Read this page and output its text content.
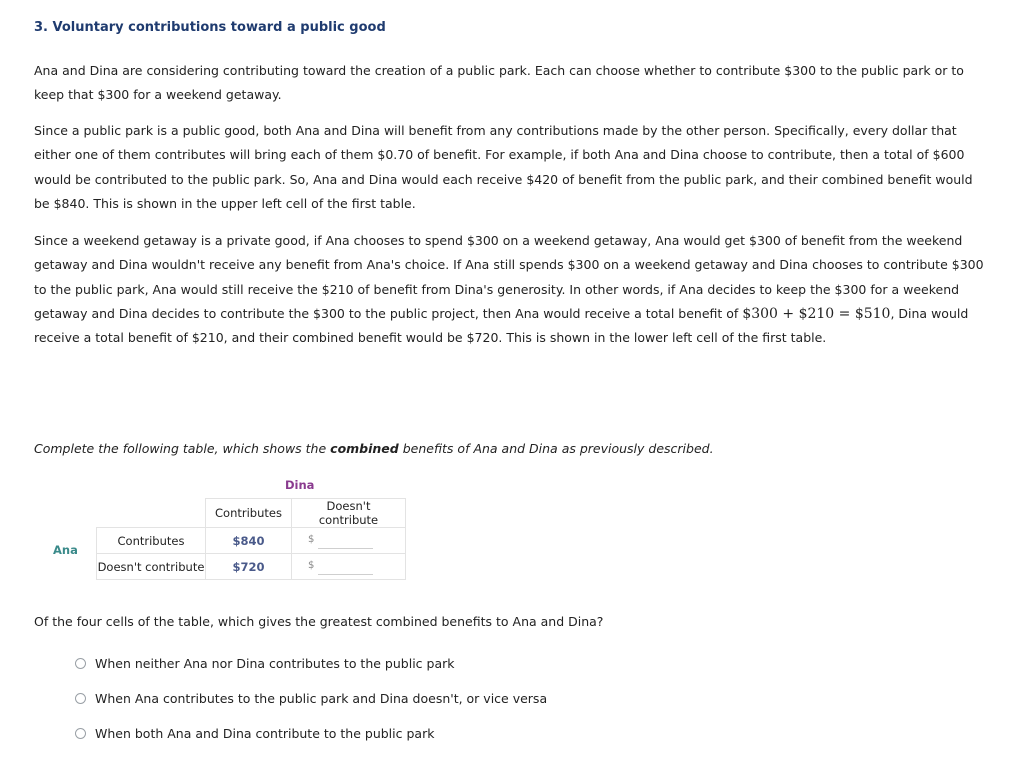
3. Voluntary contributions toward a public good
Ana and Dina are considering contributing toward the creation of a public park. Each can choose whether to contribute $300 to the public park or to keep that $300 for a weekend getaway.
Since a public park is a public good, both Ana and Dina will benefit from any contributions made by the other person. Specifically, every dollar that either one of them contributes will bring each of them $0.70 of benefit. For example, if both Ana and Dina choose to contribute, then a total of $600 would be contributed to the public park. So, Ana and Dina would each receive $420 of benefit from the public park, and their combined benefit would be $840. This is shown in the upper left cell of the first table.
Since a weekend getaway is a private good, if Ana chooses to spend $300 on a weekend getaway, Ana would get $300 of benefit from the weekend getaway and Dina wouldn't receive any benefit from Ana's choice. If Ana still spends $300 on a weekend getaway and Dina chooses to contribute $300 to the public park, Ana would still receive the $210 of benefit from Dina's generosity. In other words, if Ana decides to keep the $300 for a weekend getaway and Dina decides to contribute the $300 to the public project, then Ana would receive a total benefit of $300 + $210 = $510, Dina would receive a total benefit of $210, and their combined benefit would be $720. This is shown in the lower left cell of the first table.
Complete the following table, which shows the combined benefits of Ana and Dina as previously described.
Dina
Ana
	Contributes	Doesn't contribute
Contributes	$840	$

Doesn't contribute	$720	$
Of the four cells of the table, which gives the greatest combined benefits to Ana and Dina?
When neither Ana nor Dina contributes to the public park
When Ana contributes to the public park and Dina doesn't, or vice versa
When both Ana and Dina contribute to the public park
